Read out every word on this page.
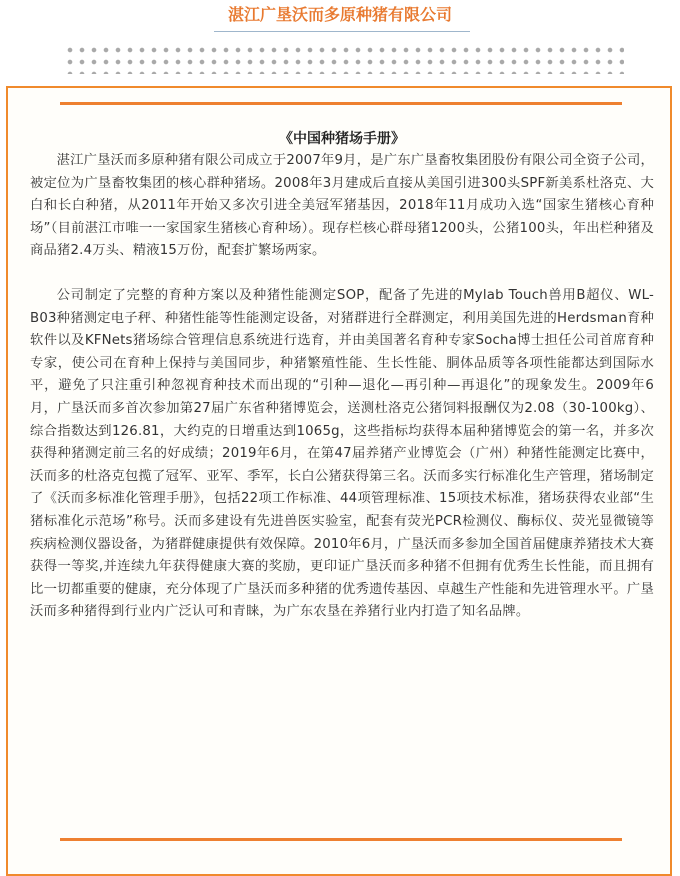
湛江广垦沃而多原种猪有限公司
《中国种猪场手册》

湛江广垦沃而多原种猪有限公司成立于2007年9月，是广东广垦畜牧集团股份有限公司全资子公司，被定位为广垦畜牧集团的核心群种猪场。2008年3月建成后直接从美国引进300头SPF新美系杜洛克、大白和长白种猪，从2011年开始又多次引进全美冠军猪基因，2018年11月成功入选“国家生猪核心育种场”（目前湛江市唯一一家国家生猪核心育种场）。现存栏核心群母猪1200头，公猪100头，年出栏种猪及商品猪2.4万头、精液15万份，配套扩繁场两家。

公司制定了完整的育种方案以及种猪性能测定SOP，配备了先进的Mylab Touch兽用B超仪、WL-B03种猪测定电子秤、种猪性能等性能测定设备，对猪群进行全群测定，利用美国先进的Herdsman育种软件以及KFNets猪场综合管理信息系统进行选育，并由美国著名育种专家Socha博士担任公司首席育种专家，使公司在育种上保持与美国同步，种猪繁殖性能、生长性能、胴体品质等各项性能都达到国际水平，避免了只注重引种忽视育种技术而出现的“引种—退化—再引种—再退化”的现象发生。2009年6月，广垦沃而多首次参加第27届广东省种猪博览会，送测杜洛克公猪饲料报酬仅为2.08（30-100kg）、综合指数达到126.81，大约克的日增重达到1065g，这些指标均获得本届种猪博览会的第一名，并多次获得种猪测定前三名的好成绩；2019年6月，在第47届养猪产业博览会（广州）种猪性能测定比赛中，沃而多的杜洛克包揽了冠军、亚军、季军，长白公猪获得第三名。沃而多实行标准化生产管理，猪场制定了《沃而多标准化管理手册》，包括22项工作标准、44项管理标准、15项技术标准，猪场获得农业部“生猪标准化示范场”称号。沃而多建设有先进兽医实验室，配套有荧光PCR检测仪、酶标仪、荧光显微镜等疾病检测仪器设备，为猪群健康提供有效保障。2010年6月，广垦沃而多参加全国首届健康养猪技术大赛获得一等奖,并连续九年获得健康大赛的奖励，更印证广垦沃而多种猪不但拥有优秀生长性能，而且拥有比一切都重要的健康，充分体现了广垦沃而多种猪的优秀遗传基因、卓越生产性能和先进管理水平。广垦沃而多种猪得到行业内广泛认可和青睐，为广东农垦在养猪行业内打造了知名品牌。
